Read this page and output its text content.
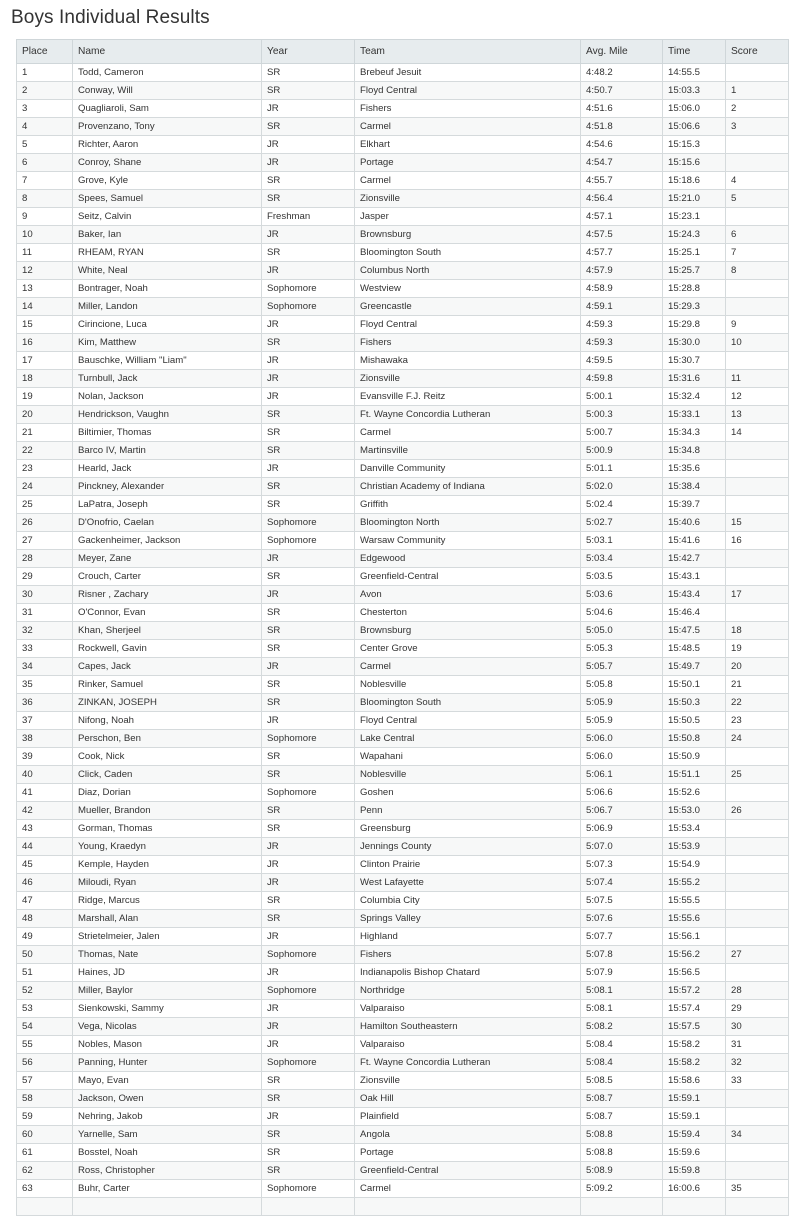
Boys Individual Results
Place	Name	Year	Team	Avg. Mile	Time	Score
1	Todd, Cameron	SR	Brebeuf Jesuit	4:48.2	14:55.5	
2	Conway, Will	SR	Floyd Central	4:50.7	15:03.3	1
3	Quagliaroli, Sam	JR	Fishers	4:51.6	15:06.0	2
4	Provenzano, Tony	SR	Carmel	4:51.8	15:06.6	3
5	Richter, Aaron	JR	Elkhart	4:54.6	15:15.3	
6	Conroy, Shane	JR	Portage	4:54.7	15:15.6	
7	Grove, Kyle	SR	Carmel	4:55.7	15:18.6	4
8	Spees, Samuel	SR	Zionsville	4:56.4	15:21.0	5
9	Seitz, Calvin	Freshman	Jasper	4:57.1	15:23.1	
10	Baker, Ian	JR	Brownsburg	4:57.5	15:24.3	6
11	RHEAM, RYAN	SR	Bloomington South	4:57.7	15:25.1	7
12	White, Neal	JR	Columbus North	4:57.9	15:25.7	8
13	Bontrager, Noah	Sophomore	Westview	4:58.9	15:28.8	
14	Miller, Landon	Sophomore	Greencastle	4:59.1	15:29.3	
15	Cirincione, Luca	JR	Floyd Central	4:59.3	15:29.8	9
16	Kim, Matthew	SR	Fishers	4:59.3	15:30.0	10
17	Bauschke, William "Liam"	JR	Mishawaka	4:59.5	15:30.7	
18	Turnbull, Jack	JR	Zionsville	4:59.8	15:31.6	11
19	Nolan, Jackson	JR	Evansville F.J. Reitz	5:00.1	15:32.4	12
20	Hendrickson, Vaughn	SR	Ft. Wayne Concordia Lutheran	5:00.3	15:33.1	13
21	Biltimier, Thomas	SR	Carmel	5:00.7	15:34.3	14
22	Barco IV, Martin	SR	Martinsville	5:00.9	15:34.8	
23	Hearld, Jack	JR	Danville Community	5:01.1	15:35.6	
24	Pinckney, Alexander	SR	Christian Academy of Indiana	5:02.0	15:38.4	
25	LaPatra, Joseph	SR	Griffith	5:02.4	15:39.7	
26	D'Onofrio, Caelan	Sophomore	Bloomington North	5:02.7	15:40.6	15
27	Gackenheimer, Jackson	Sophomore	Warsaw Community	5:03.1	15:41.6	16
28	Meyer, Zane	JR	Edgewood	5:03.4	15:42.7	
29	Crouch, Carter	SR	Greenfield-Central	5:03.5	15:43.1	
30	Risner , Zachary	JR	Avon	5:03.6	15:43.4	17
31	O'Connor, Evan	SR	Chesterton	5:04.6	15:46.4	
32	Khan, Sherjeel	SR	Brownsburg	5:05.0	15:47.5	18
33	Rockwell, Gavin	SR	Center Grove	5:05.3	15:48.5	19
34	Capes, Jack	JR	Carmel	5:05.7	15:49.7	20
35	Rinker, Samuel	SR	Noblesville	5:05.8	15:50.1	21
36	ZINKAN, JOSEPH	SR	Bloomington South	5:05.9	15:50.3	22
37	Nifong, Noah	JR	Floyd Central	5:05.9	15:50.5	23
38	Perschon, Ben	Sophomore	Lake Central	5:06.0	15:50.8	24
39	Cook, Nick	SR	Wapahani	5:06.0	15:50.9	
40	Click, Caden	SR	Noblesville	5:06.1	15:51.1	25
41	Diaz, Dorian	Sophomore	Goshen	5:06.6	15:52.6	
42	Mueller, Brandon	SR	Penn	5:06.7	15:53.0	26
43	Gorman, Thomas	SR	Greensburg	5:06.9	15:53.4	
44	Young, Kraedyn	JR	Jennings County	5:07.0	15:53.9	
45	Kemple, Hayden	JR	Clinton Prairie	5:07.3	15:54.9	
46	Miloudi, Ryan	JR	West Lafayette	5:07.4	15:55.2	
47	Ridge, Marcus	SR	Columbia City	5:07.5	15:55.5	
48	Marshall, Alan	SR	Springs Valley	5:07.6	15:55.6	
49	Strietelmeier, Jalen	JR	Highland	5:07.7	15:56.1	
50	Thomas, Nate	Sophomore	Fishers	5:07.8	15:56.2	27
51	Haines, JD	JR	Indianapolis Bishop Chatard	5:07.9	15:56.5	
52	Miller, Baylor	Sophomore	Northridge	5:08.1	15:57.2	28
53	Sienkowski, Sammy	JR	Valparaiso	5:08.1	15:57.4	29
54	Vega, Nicolas	JR	Hamilton Southeastern	5:08.2	15:57.5	30
55	Nobles, Mason	JR	Valparaiso	5:08.4	15:58.2	31
56	Panning, Hunter	Sophomore	Ft. Wayne Concordia Lutheran	5:08.4	15:58.2	32
57	Mayo, Evan	SR	Zionsville	5:08.5	15:58.6	33
58	Jackson, Owen	SR	Oak Hill	5:08.7	15:59.1	
59	Nehring, Jakob	JR	Plainfield	5:08.7	15:59.1	
60	Yarnelle, Sam	SR	Angola	5:08.8	15:59.4	34
61	Bosstel, Noah	SR	Portage	5:08.8	15:59.6	
62	Ross, Christopher	SR	Greenfield-Central	5:08.9	15:59.8	
63	Buhr, Carter	Sophomore	Carmel	5:09.2	16:00.6	35
